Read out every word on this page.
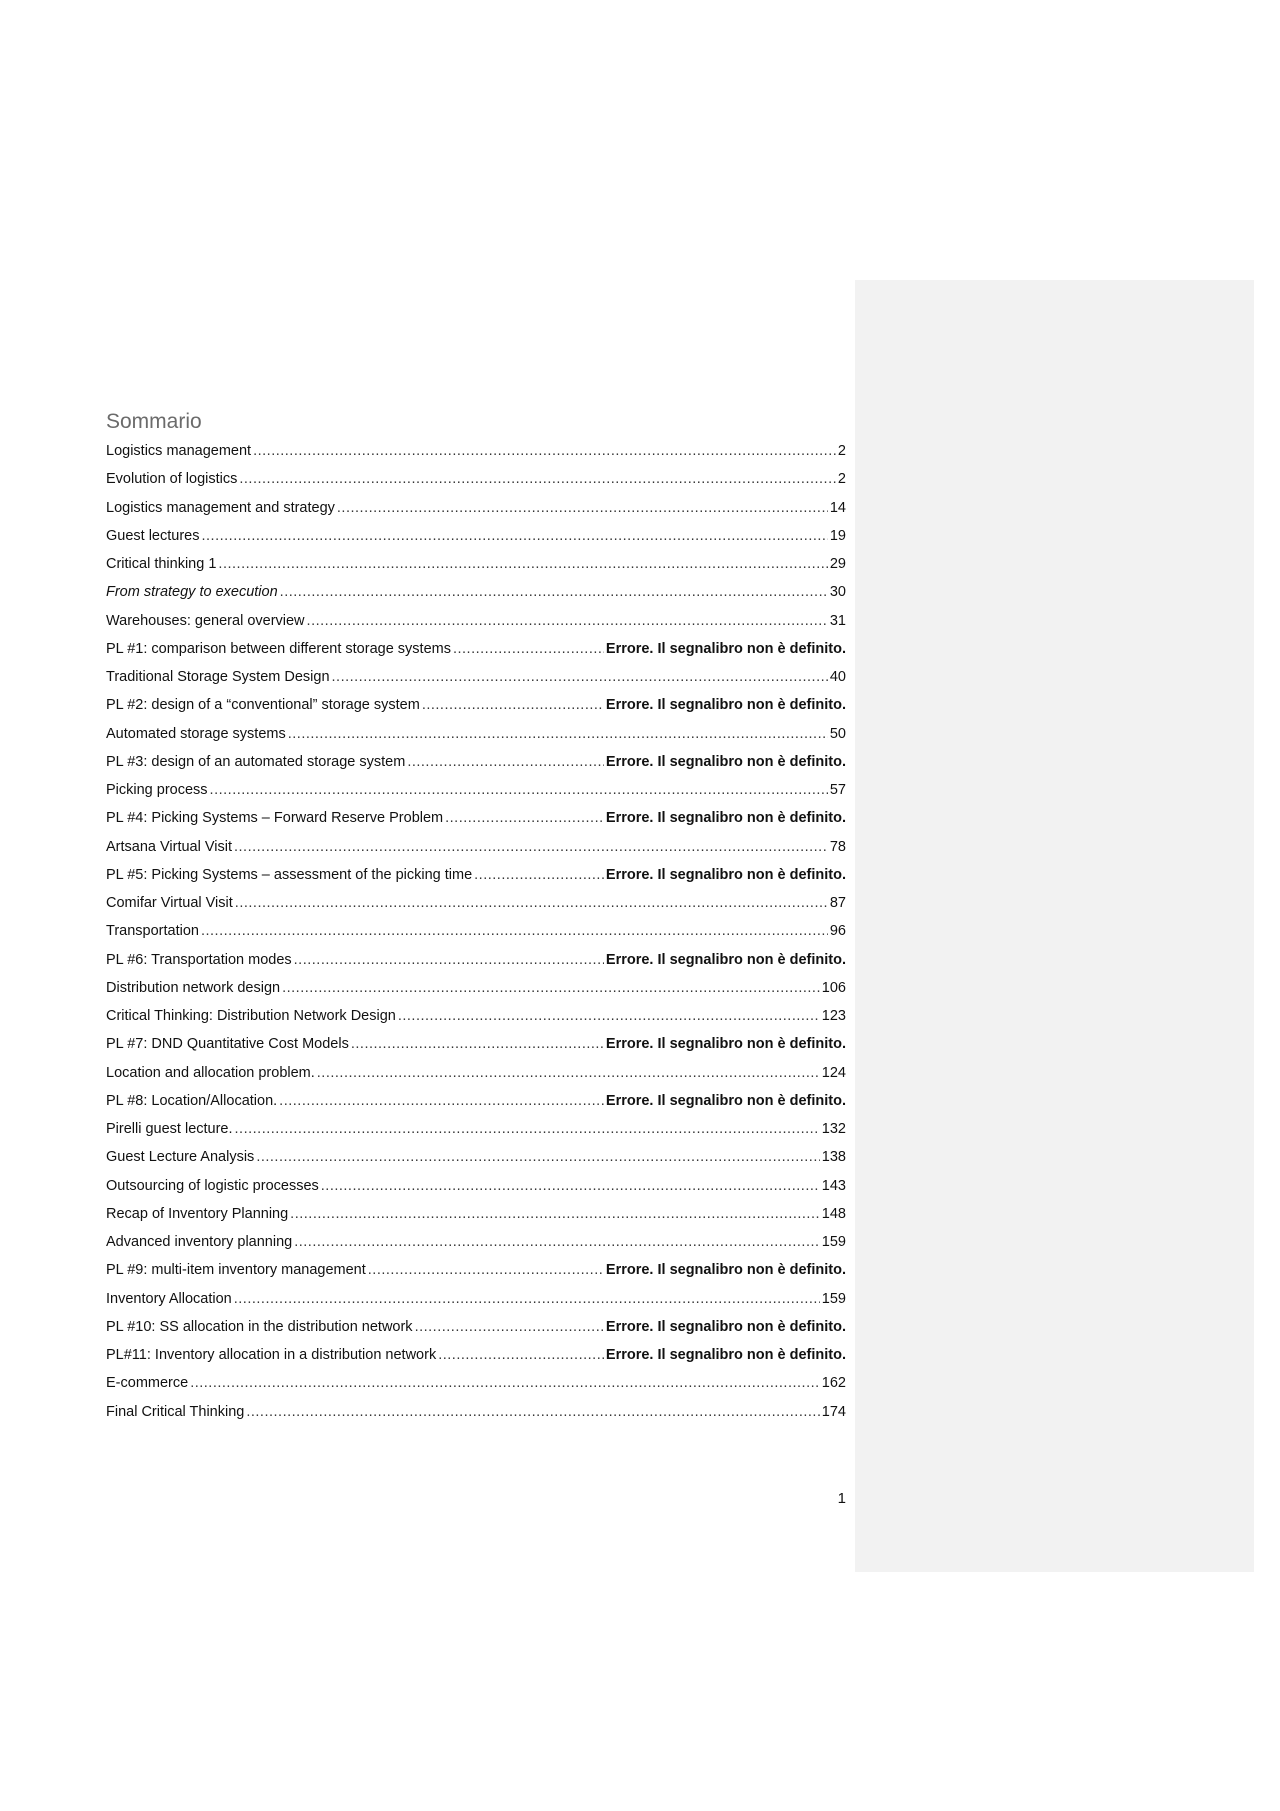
Sommario
Logistics management .....	2
Evolution of logistics .....	2
Logistics management and strategy .....	14
Guest lectures .....	19
Critical thinking 1 .....	29
From strategy to execution .....	30
Warehouses: general overview .....	31
PL #1: comparison between different storage systems .....	Errore. Il segnalibro non è definito.
Traditional Storage System Design .....	40
PL #2: design of a “conventional” storage system .....	Errore. Il segnalibro non è definito.
Automated storage systems .....	50
PL #3: design of an automated storage system .....	Errore. Il segnalibro non è definito.
Picking process .....	57
PL #4: Picking Systems – Forward Reserve Problem .....	Errore. Il segnalibro non è definito.
Artsana Virtual Visit .....	78
PL #5: Picking Systems – assessment of the picking time .....	Errore. Il segnalibro non è definito.
Comifar Virtual Visit .....	87
Transportation .....	96
PL #6: Transportation modes .....	Errore. Il segnalibro non è definito.
Distribution network design .....	106
Critical Thinking: Distribution Network Design .....	123
PL #7: DND Quantitative Cost Models .....	Errore. Il segnalibro non è definito.
Location and allocation problem. .....	124
PL #8: Location/Allocation. .....	Errore. Il segnalibro non è definito.
Pirelli guest lecture. .....	132
Guest Lecture Analysis .....	138
Outsourcing of logistic processes .....	143
Recap of Inventory Planning .....	148
Advanced inventory planning .....	159
PL #9: multi-item inventory management .....	Errore. Il segnalibro non è definito.
Inventory Allocation .....	159
PL #10: SS allocation in the distribution network .....	Errore. Il segnalibro non è definito.
PL#11: Inventory allocation in a distribution network .....	Errore. Il segnalibro non è definito.
E-commerce .....	162
Final Critical Thinking .....	174
1
